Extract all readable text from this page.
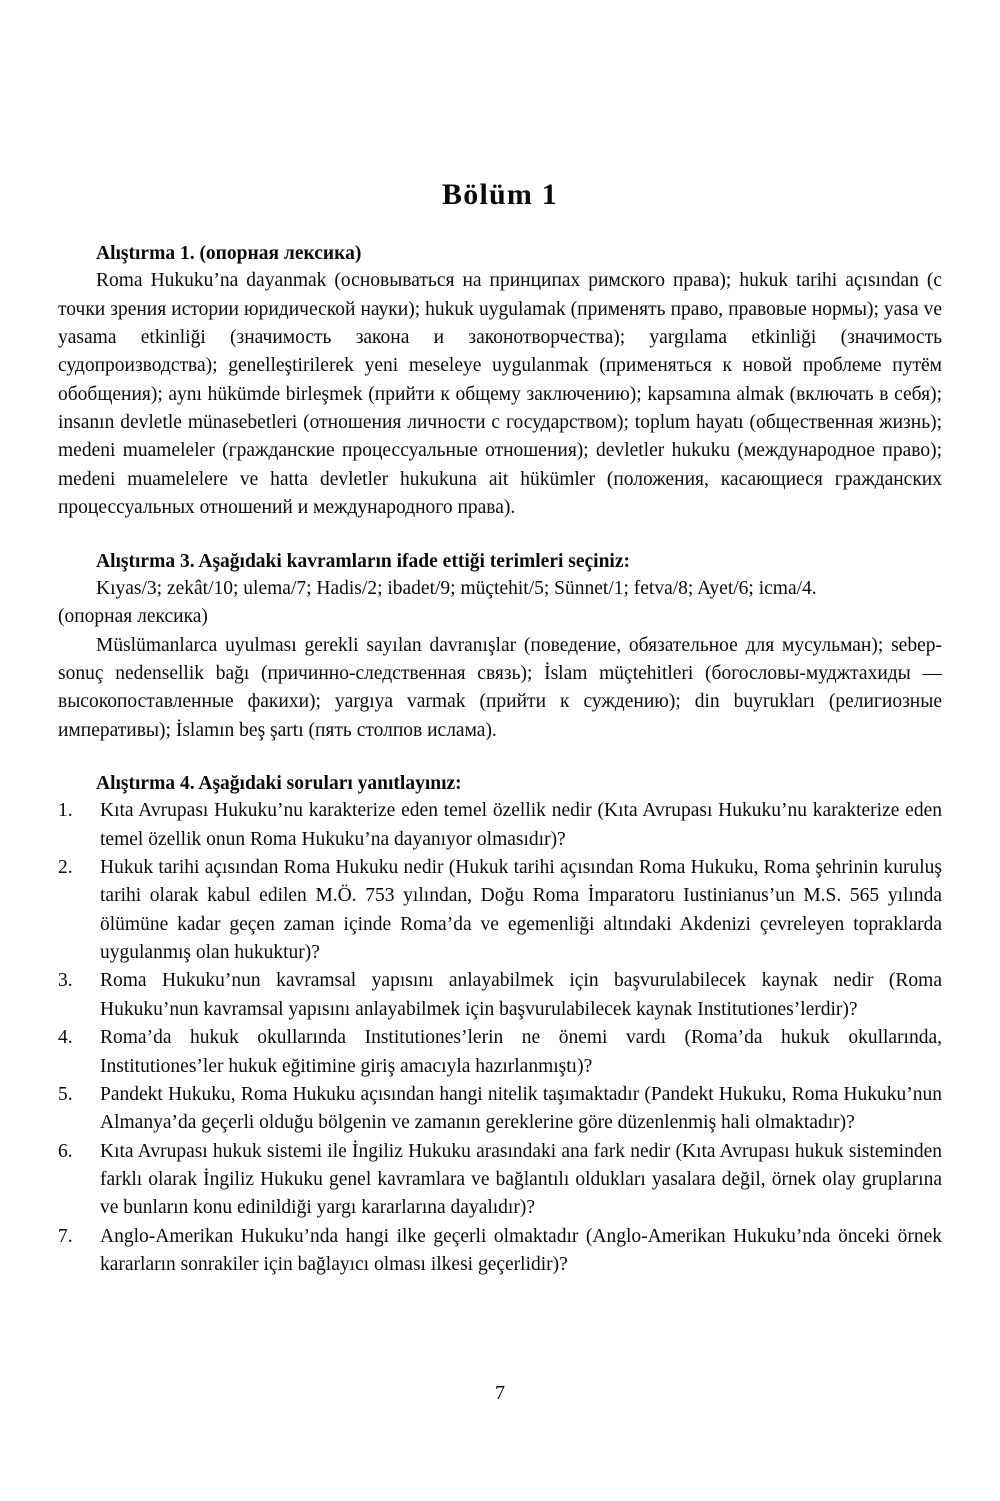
Bölüm 1

Alıştırma 1. (опорная лексика)

Roma Hukuku’na dayanmak (основываться на принципах римского права); hukuk tarihi açısından (с точки зрения истории юридической науки); hukuk uygulamak (применять право, правовые нормы); yasa ve yasama etkinliği (значимость закона и законотворчества); yargılama etkinliği (значимость судопроизводства); genelleştirilerek yeni meseleye uygulanmak (применяться к новой проблеме путём обобщения); aynı hükümde birleşmek (прийти к общему заключению); kapsamına almak (включать в себя); insanın devletle münasebetleri (отношения личности с государством); toplum hayatı (общественная жизнь); medeni muameleler (гражданские процессуальные отношения); devletler hukuku (международное право); medeni muamelelere ve hatta devletler hukukuna ait hükümler (положения, касающиеся гражданских процессуальных отношений и международного права).

Alıştırma 3. Aşağıdaki kavramların ifade ettiği terimleri seçiniz:

Kıyas/3; zekât/10; ulema/7; Hadis/2; ibadet/9; müçtehit/5; Sünnet/1; fetva/8; Ayet/6; icma/4.

(опорная лексика)

Müslümanlarca uyulması gerekli sayılan davranışlar (поведение, обязательное для мусульман); sebep-sonuç nedensellik bağı (причинно-следственная связь); İslam müçtehitleri (богословы-муджтахиды — высокопоставленные факихи); yargıya varmak (прийти к суждению); din buyrukları (религиозные императивы); İslamın beş şartı (пять столпов ислама).

Alıştırma 4. Aşağıdaki soruları yanıtlayınız:

1.	Kıta Avrupası Hukuku’nu karakterize eden temel özellik nedir (Kıta Avrupası Hukuku’nu karakterize eden temel özellik onun Roma Hukuku’na dayanıyor olmasıdır)?
2.	Hukuk tarihi açısından Roma Hukuku nedir (Hukuk tarihi açısından Roma Hukuku, Roma şehrinin kuruluş tarihi olarak kabul edilen M.Ö. 753 yılından, Doğu Roma İmparatoru Iustinianus’un M.S. 565 yılında ölümüne kadar geçen zaman içinde Roma’da ve egemenliği altındaki Akdenizi çevreleyen topraklarda uygulanmış olan hukuktur)?
3.	Roma Hukuku’nun kavramsal yapısını anlayabilmek için başvurulabilecek kaynak nedir (Roma Hukuku’nun kavramsal yapısını anlayabilmek için başvurulabilecek kaynak Institutiones’lerdir)?
4.	Roma’da hukuk okullarında Institutiones’lerin ne önemi vardı (Roma’da hukuk okullarında, Institutiones’ler hukuk eğitimine giriş amacıyla hazırlanmıştı)?
5.	Pandekt Hukuku, Roma Hukuku açısından hangi nitelik taşımaktadır (Pandekt Hukuku, Roma Hukuku’nun Almanya’da geçerli olduğu bölgenin ve zamanın gereklerine göre düzenlenmiş hali olmaktadır)?
6.	Kıta Avrupası hukuk sistemi ile İngiliz Hukuku arasındaki ana fark nedir (Kıta Avrupası hukuk sisteminden farklı olarak İngiliz Hukuku genel kavramlara ve bağlantılı oldukları yasalara değil, örnek olay gruplarına ve bunların konu edinildiği yargı kararlarına dayalıdır)?
7.	Anglo-Amerikan Hukuku’nda hangi ilke geçerli olmaktadır (Anglo-Amerikan Hukuku’nda önceki örnek kararların sonrakiler için bağlayıcı olması ilkesi geçerlidir)?
7
